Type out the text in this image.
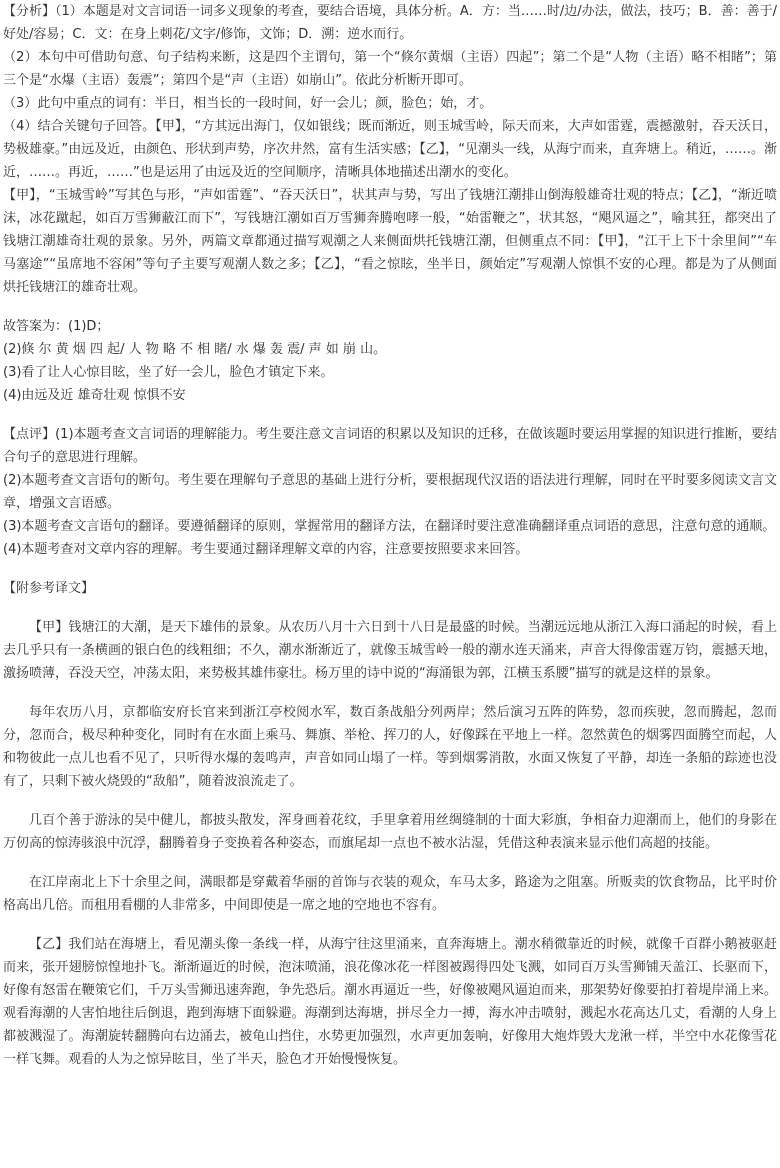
【分析】（1）本题是对文言词语一词多义现象的考查，要结合语境，具体分析。A．方：当……时/边/办法，做法，技巧；B．善：善于/好处/容易；C．文：在身上刺花/文字/修饰，文饰；D．溯：逆水而行。

（2）本句中可借助句意、句子结构来断，这是四个主谓句，第一个“倏尔黄烟（主语）四起”；第二个是“人物（主语）略不相睹”；第三个是“水爆（主语）轰震”；第四个是“声（主语）如崩山”。依此分析断开即可。

（3）此句中重点的词有：半日，相当长的一段时间，好一会儿；颜，脸色；始，才。

（4）结合关键句子回答。【甲】，“方其远出海门，仅如银线；既而渐近，则玉城雪岭，际天而来，大声如雷霆，震撼激射，吞天沃日，势极雄豪。”由远及近，由颜色、形状到声势，序次井然，富有生活实感；【乙】，“见潮头一线，从海宁而来，直奔塘上。稍近，……。渐近，……。再近，……”也是运用了由远及近的空间顺序，清晰具体地描述出潮水的变化。

【甲】，“玉城雪岭”写其色与形，“声如雷霆”、“吞天沃日”，状其声与势，写出了钱塘江潮排山倒海般雄奇壮观的特点；【乙】，“渐近喷沫，冰花蹴起，如百万雪狮蔽江而下”，写钱塘江潮如百万雪狮奔腾咆哮一般，“始雷鞭之”，状其怒，“飓风逼之”，喻其狂，都突出了钱塘江潮雄奇壮观的景象。另外，两篇文章都通过描写观潮之人来侧面烘托钱塘江潮，但侧重点不同：【甲】，“江干上下十余里间”“车马塞途”“虽席地不容闲”等句子主要写观潮人数之多；【乙】，“看之惊眩，坐半日，颜始定”写观潮人惊惧不安的心理。都是为了从侧面烘托钱塘江的雄奇壮观。

故答案为：(1)D；

(2)倏 尔 黄 烟 四 起/ 人 物 略 不 相 睹/ 水 爆 轰 震/ 声 如 崩 山。

(3)看了让人心惊目眩，坐了好一会儿，脸色才镇定下来。

(4)由远及近 雄奇壮观 惊惧不安

【点评】(1)本题考查文言词语的理解能力。考生要注意文言词语的积累以及知识的迁移，在做该题时要运用掌握的知识进行推断，要结合句子的意思进行理解。

(2)本题考查文言语句的断句。考生要在理解句子意思的基础上进行分析，要根据现代汉语的语法进行理解，同时在平时要多阅读文言文章，增强文言语感。

(3)本题考查文言语句的翻译。要遵循翻译的原则，掌握常用的翻译方法，在翻译时要注意准确翻译重点词语的意思，注意句意的通顺。

(4)本题考查对文章内容的理解。考生要通过翻译理解文章的内容，注意要按照要求来回答。

【附参考译文】

【甲】钱塘江的大潮，是天下雄伟的景象。从农历八月十六日到十八日是最盛的时候。当潮远远地从浙江入海口涌起的时候，看上去几乎只有一条横画的银白色的线粗细；不久，潮水渐渐近了，就像玉城雪岭一般的潮水连天涌来，声音大得像雷霆万钧，震撼天地，激扬喷薄，吞没天空，冲荡太阳，来势极其雄伟豪壮。杨万里的诗中说的“海涌银为郭，江横玉系腰”描写的就是这样的景象。

每年农历八月，京都临安府长官来到浙江亭校阅水军，数百条战船分列两岸；然后演习五阵的阵势，忽而疾驶，忽而腾起，忽而分，忽而合，极尽种种变化，同时有在水面上乘马、舞旗、举枪、挥刀的人，好像踩在平地上一样。忽然黄色的烟雾四面腾空而起，人和物彼此一点儿也看不见了，只听得水爆的轰鸣声，声音如同山塌了一样。等到烟雾消散，水面又恢复了平静，却连一条船的踪迹也没有了，只剩下被火烧毁的“敌船”，随着波浪流走了。

几百个善于游泳的吴中健儿，都披头散发，浑身画着花纹，手里拿着用丝绸缝制的十面大彩旗，争相奋力迎潮而上，他们的身影在万仞高的惊涛骇浪中沉浮，翻腾着身子变换着各种姿态，而旗尾却一点也不被水沾湿，凭借这种表演来显示他们高超的技能。

在江岸南北上下十余里之间，满眼都是穿戴着华丽的首饰与衣装的观众，车马太多，路途为之阻塞。所贩卖的饮食物品，比平时价格高出几倍。而租用看棚的人非常多，中间即使是一席之地的空地也不容有。

【乙】我们站在海塘上，看见潮头像一条线一样，从海宁往这里涌来，直奔海塘上。潮水稍微靠近的时候，就像千百群小鹅被驱赶而来，张开翅膀惊惶地扑飞。渐渐逼近的时候，泡沫喷涌，浪花像冰花一样图被踢得四处飞溅，如同百万头雪狮铺天盖江、长驱而下，好像有怒雷在鞭策它们，千万头雪狮迅速奔跑，争先恐后。潮水再逼近一些，好像被飓风逼迫而来，那架势好像要拍打着堤岸涌上来。观看海潮的人害怕地往后倒退，跑到海塘下面躲避。海潮到达海塘，拼尽全力一搏，海水冲击喷射，溅起水花高达几丈，看潮的人身上都被溅湿了。海潮旋转翻腾向右边涌去，被龟山挡住，水势更加强烈，水声更加轰响，好像用大炮炸毁大龙湫一样，半空中水花像雪花一样飞舞。观看的人为之惊异眩目，坐了半天，脸色才开始慢慢恢复。
